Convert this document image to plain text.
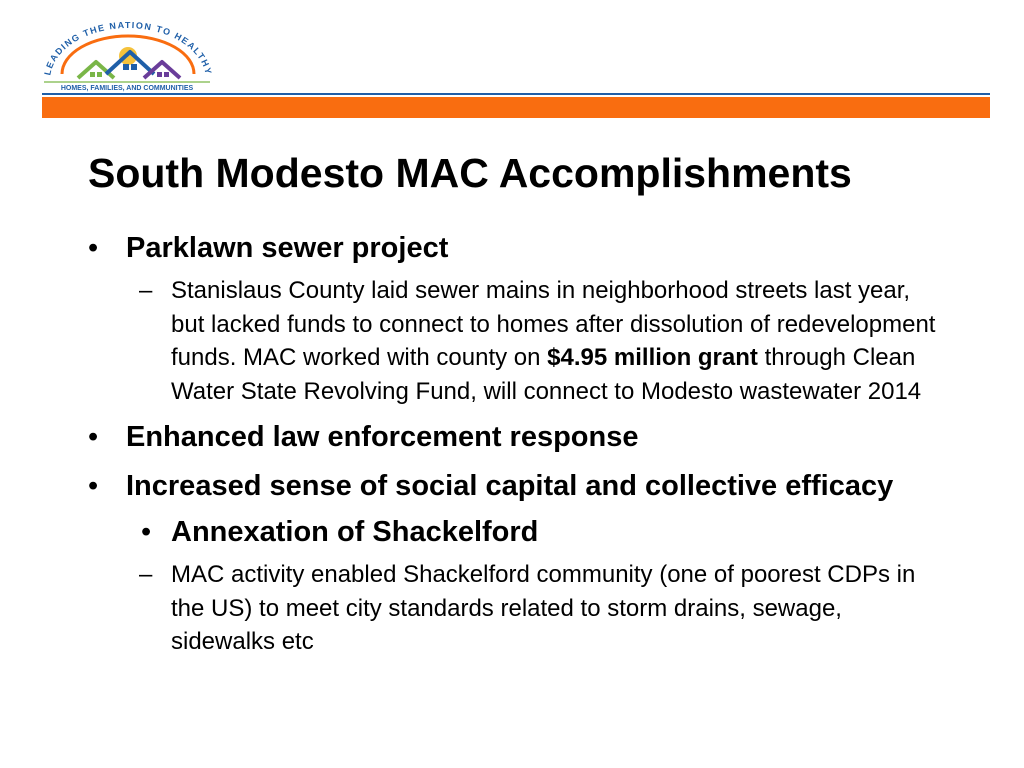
LEADING THE NATION TO HEALTHY
HOMES, FAMILIES, AND COMMUNITIES
South Modesto MAC Accomplishments
• Parklawn sewer project
– Stanislaus County laid sewer mains in neighborhood streets last year, but lacked funds to connect to homes after dissolution of redevelopment funds. MAC worked with county on $4.95 million grant through Clean Water State Revolving Fund, will connect to Modesto wastewater 2014
• Enhanced law enforcement response
• Increased sense of social capital and collective efficacy
• Annexation of Shackelford
– MAC activity enabled Shackelford community (one of poorest CDPs in the US) to meet city standards related to storm drains, sewage, sidewalks etc
